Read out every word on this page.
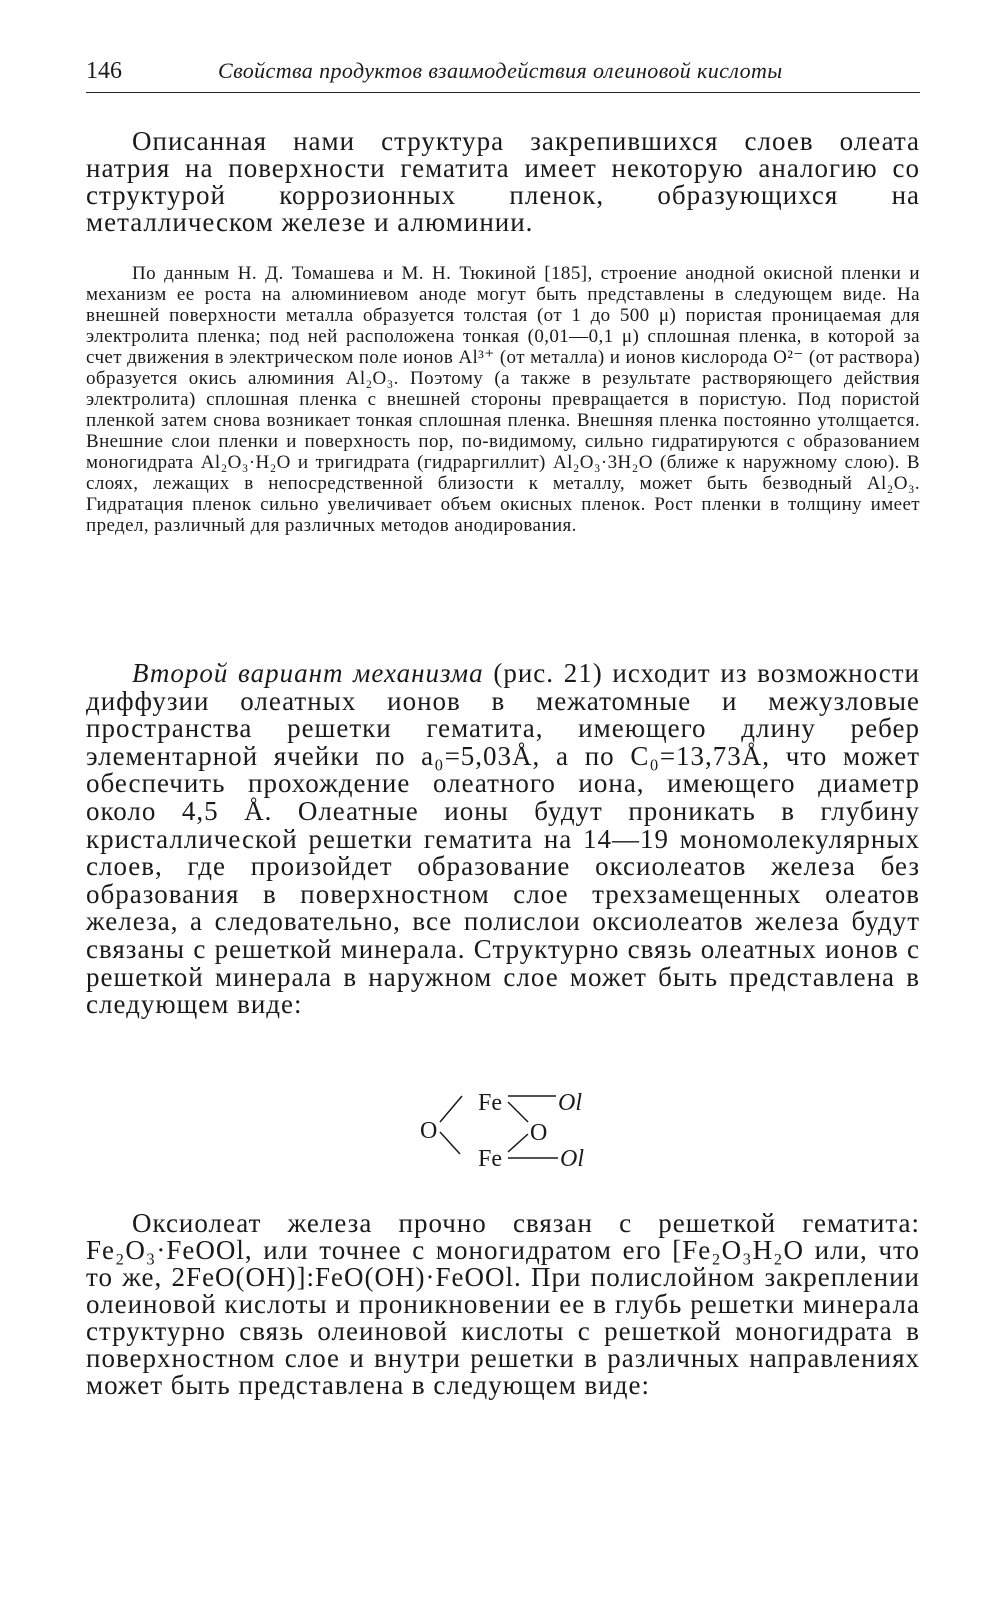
146	Свойства продуктов взаимодействия олеиновой кислоты

Описанная нами структура закрепившихся слоев олеата натрия на поверхности гематита имеет некоторую аналогию со структурой коррозионных пленок, образующихся на металлическом железе и алюминии.

По данным Н. Д. Томашева и М. Н. Тюкиной [185], строение анодной окисной пленки и механизм ее роста на алюминиевом аноде могут быть представлены в следующем виде. На внешней поверхности металла образуется толстая (от 1 до 500 μ) пористая проницаемая для электролита пленка; под ней расположена тонкая (0,01—0,1 μ) сплошная пленка, в которой за счет движения в электрическом поле ионов Al³⁺ (от металла) и ионов кислорода O²⁻ (от раствора) образуется окись алюминия Al₂O₃. Поэтому (а также в результате растворяющего действия электролита) сплошная пленка с внешней стороны превращается в пористую. Под пористой пленкой затем снова возникает тонкая сплошная пленка. Внешняя пленка постоянно утолщается. Внешние слои пленки и поверхность пор, по-видимому, сильно гидратируются с образованием моногидрата Al₂O₃·H₂O и тригидрата (гидраргиллит) Al₂O₃·3H₂O (ближе к наружному слою). В слоях, лежащих в непосредственной близости к металлу, может быть безводный Al₂O₃. Гидратация пленок сильно увеличивает объем окисных пленок. Рост пленки в толщину имеет предел, различный для различных методов анодирования.

Второй вариант механизма (рис. 21) исходит из возможности диффузии олеатных ионов в межатомные и межузловые пространства решетки гематита, имеющего длину ребер элементарной ячейки по a₀=5,03Å, а по C₀=13,73Å, что может обеспечить прохождение олеатного иона, имеющего диаметр около 4,5 Å. Олеатные ионы будут проникать в глубину кристаллической решетки гематита на 14—19 мономолекулярных слоев, где произойдет образование оксиолеатов железа без образования в поверхностном слое трехзамещенных олеатов железа, а следовательно, все полислои оксиолеатов железа будут связаны с решеткой минерала. Структурно связь олеатных ионов с решеткой минерала в наружном слое может быть представлена в следующем виде:

Fe
Fe
O	O
Ol
Ol

Оксиолеат железа прочно связан с решеткой гематита: Fe₂O₃·FeOOl, или точнее с моногидратом его [Fe₂O₃H₂O или, что то же, 2FeO(OH)]:FeO(OH)·FeOOl. При полислойном закреплении олеиновой кислоты и проникновении ее в глубь решетки минерала структурно связь олеиновой кислоты с решеткой моногидрата в поверхностном слое и внутри решетки в различных направлениях может быть представлена в следующем виде:
